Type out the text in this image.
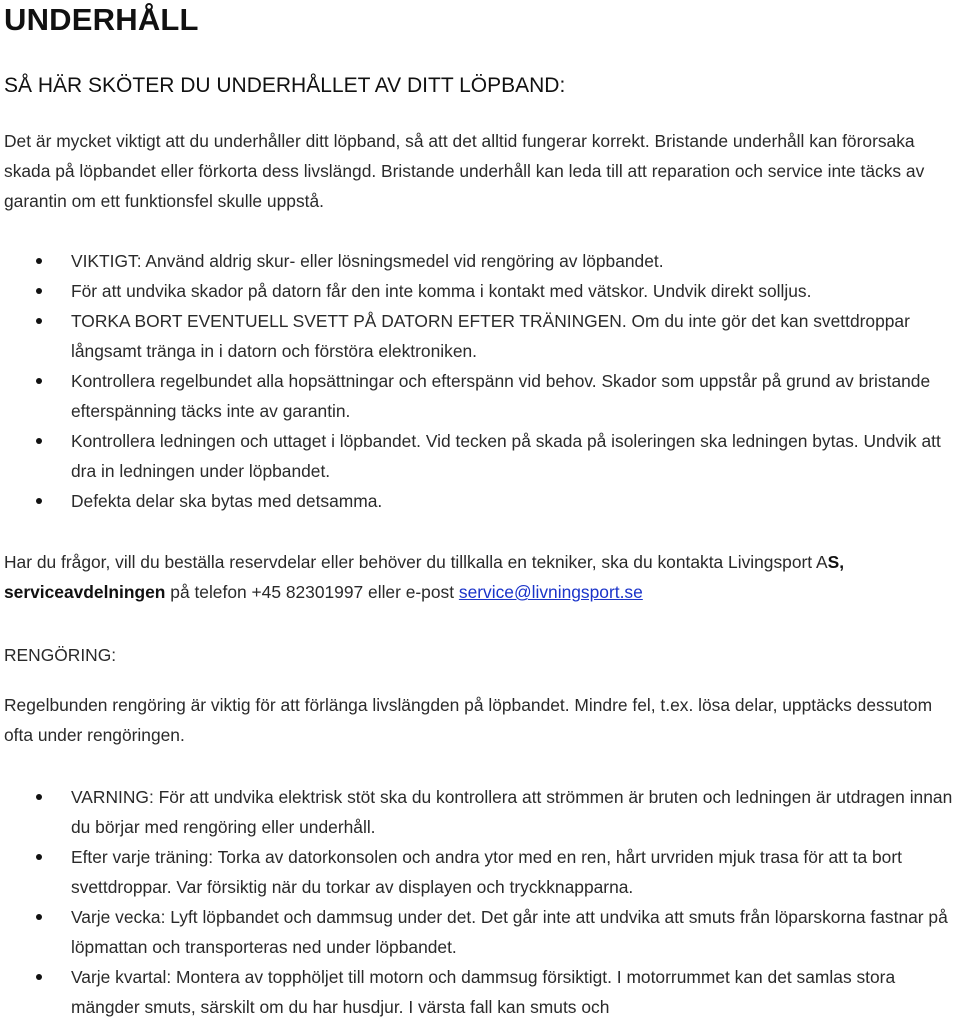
UNDERHÅLL
SÅ HÄR SKÖTER DU UNDERHÅLLET AV DITT LÖPBAND:

Det är mycket viktigt att du underhåller ditt löpband, så att det alltid fungerar korrekt. Bristande underhåll kan förorsaka skada på löpbandet eller förkorta dess livslängd. Bristande underhåll kan leda till att reparation och service inte täcks av garantin om ett funktionsfel skulle uppstå.

VIKTIGT: Använd aldrig skur- eller lösningsmedel vid rengöring av löpbandet.
För att undvika skador på datorn får den inte komma i kontakt med vätskor. Undvik direkt solljus.
TORKA BORT EVENTUELL SVETT PÅ DATORN EFTER TRÄNINGEN. Om du inte gör det kan svettdroppar långsamt tränga in i datorn och förstöra elektroniken.
Kontrollera regelbundet alla hopsättningar och efterspänn vid behov. Skador som uppstår på grund av bristande efterspänning täcks inte av garantin.
Kontrollera ledningen och uttaget i löpbandet. Vid tecken på skada på isoleringen ska ledningen bytas. Undvik att dra in ledningen under löpbandet.
Defekta delar ska bytas med detsamma.

Har du frågor, vill du beställa reservdelar eller behöver du tillkalla en tekniker, ska du kontakta Livingsport AS, serviceavdelningen på telefon +45 82301997 eller e-post service@livningsport.se

RENGÖRING:

Regelbunden rengöring är viktig för att förlänga livslängden på löpbandet. Mindre fel, t.ex. lösa delar, upptäcks dessutom ofta under rengöringen.

VARNING: För att undvika elektrisk stöt ska du kontrollera att strömmen är bruten och ledningen är utdragen innan du börjar med rengöring eller underhåll.
Efter varje träning: Torka av datorkonsolen och andra ytor med en ren, hårt urvriden mjuk trasa för att ta bort svettdroppar. Var försiktig när du torkar av displayen och tryckknapparna.
Varje vecka: Lyft löpbandet och dammsug under det. Det går inte att undvika att smuts från löparskorna fastnar på löpmattan och transporteras ned under löpbandet.
Varje kvartal: Montera av topphöljet till motorn och dammsug försiktigt. I motorrummet kan det samlas stora mängder smuts, särskilt om du har husdjur. I värsta fall kan smuts och
